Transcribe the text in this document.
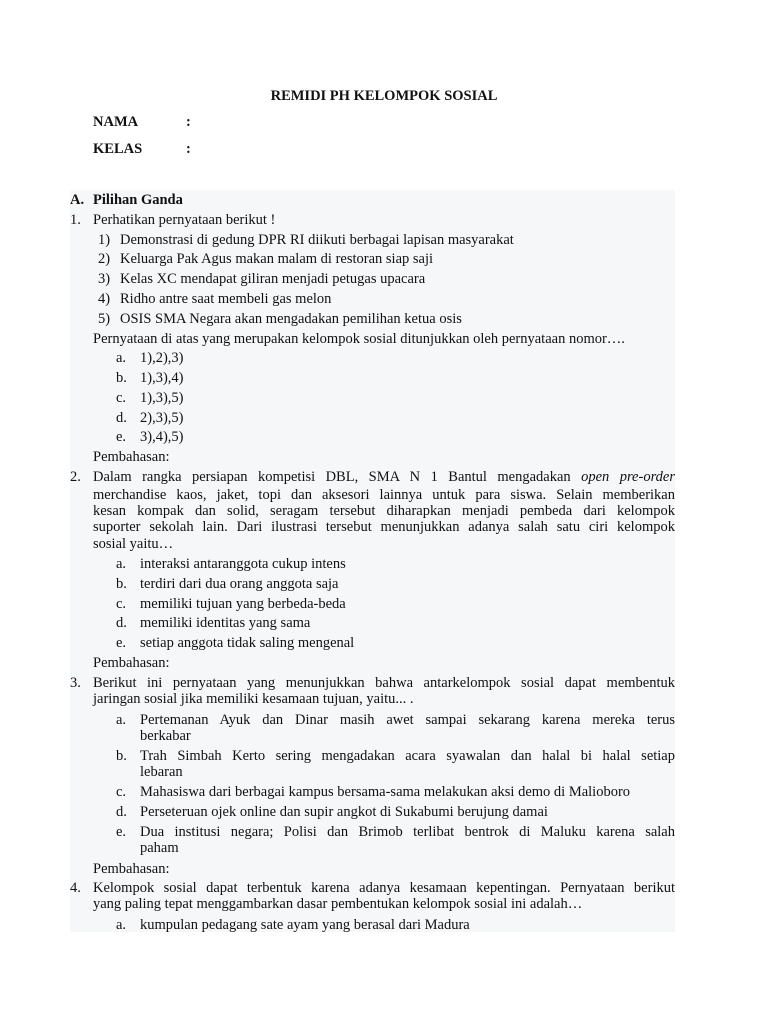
REMIDI PH KELOMPOK SOSIAL
NAMA	:
KELAS	:
A. Pilihan Ganda
1. Perhatikan pernyataan berikut !
1) Demonstrasi di gedung DPR RI diikuti berbagai lapisan masyarakat
2) Keluarga Pak Agus makan malam di restoran siap saji
3) Kelas XC mendapat giliran menjadi petugas upacara
4) Ridho antre saat membeli gas melon
5) OSIS SMA Negara akan mengadakan pemilihan ketua osis
Pernyataan di atas yang merupakan kelompok sosial ditunjukkan oleh pernyataan nomor….
a. 1),2),3)
b. 1),3),4)
c. 1),3),5)
d. 2),3),5)
e. 3),4),5)
Pembahasan:
2. Dalam rangka persiapan kompetisi DBL, SMA N 1 Bantul mengadakan open pre-order
merchandise kaos, jaket, topi dan aksesori lainnya untuk para siswa. Selain memberikan
kesan kompak dan solid, seragam tersebut diharapkan menjadi pembeda dari kelompok
suporter sekolah lain. Dari ilustrasi tersebut menunjukkan adanya salah satu ciri kelompok
sosial yaitu…
a. interaksi antaranggota cukup intens
b. terdiri dari dua orang anggota saja
c. memiliki tujuan yang berbeda-beda
d. memiliki identitas yang sama
e. setiap anggota tidak saling mengenal
Pembahasan:
3. Berikut ini pernyataan yang menunjukkan bahwa antarkelompok sosial dapat membentuk
jaringan sosial jika memiliki kesamaan tujuan, yaitu... .
a. Pertemanan Ayuk dan Dinar masih awet sampai sekarang karena mereka terus
berkabar
b. Trah Simbah Kerto sering mengadakan acara syawalan dan halal bi halal setiap
lebaran
c. Mahasiswa dari berbagai kampus bersama-sama melakukan aksi demo di Malioboro
d. Perseteruan ojek online dan supir angkot di Sukabumi berujung damai
e. Dua institusi negara; Polisi dan Brimob terlibat bentrok di Maluku karena salah
paham
Pembahasan:
4. Kelompok sosial dapat terbentuk karena adanya kesamaan kepentingan. Pernyataan berikut
yang paling tepat menggambarkan dasar pembentukan kelompok sosial ini adalah…
a. kumpulan pedagang sate ayam yang berasal dari Madura
